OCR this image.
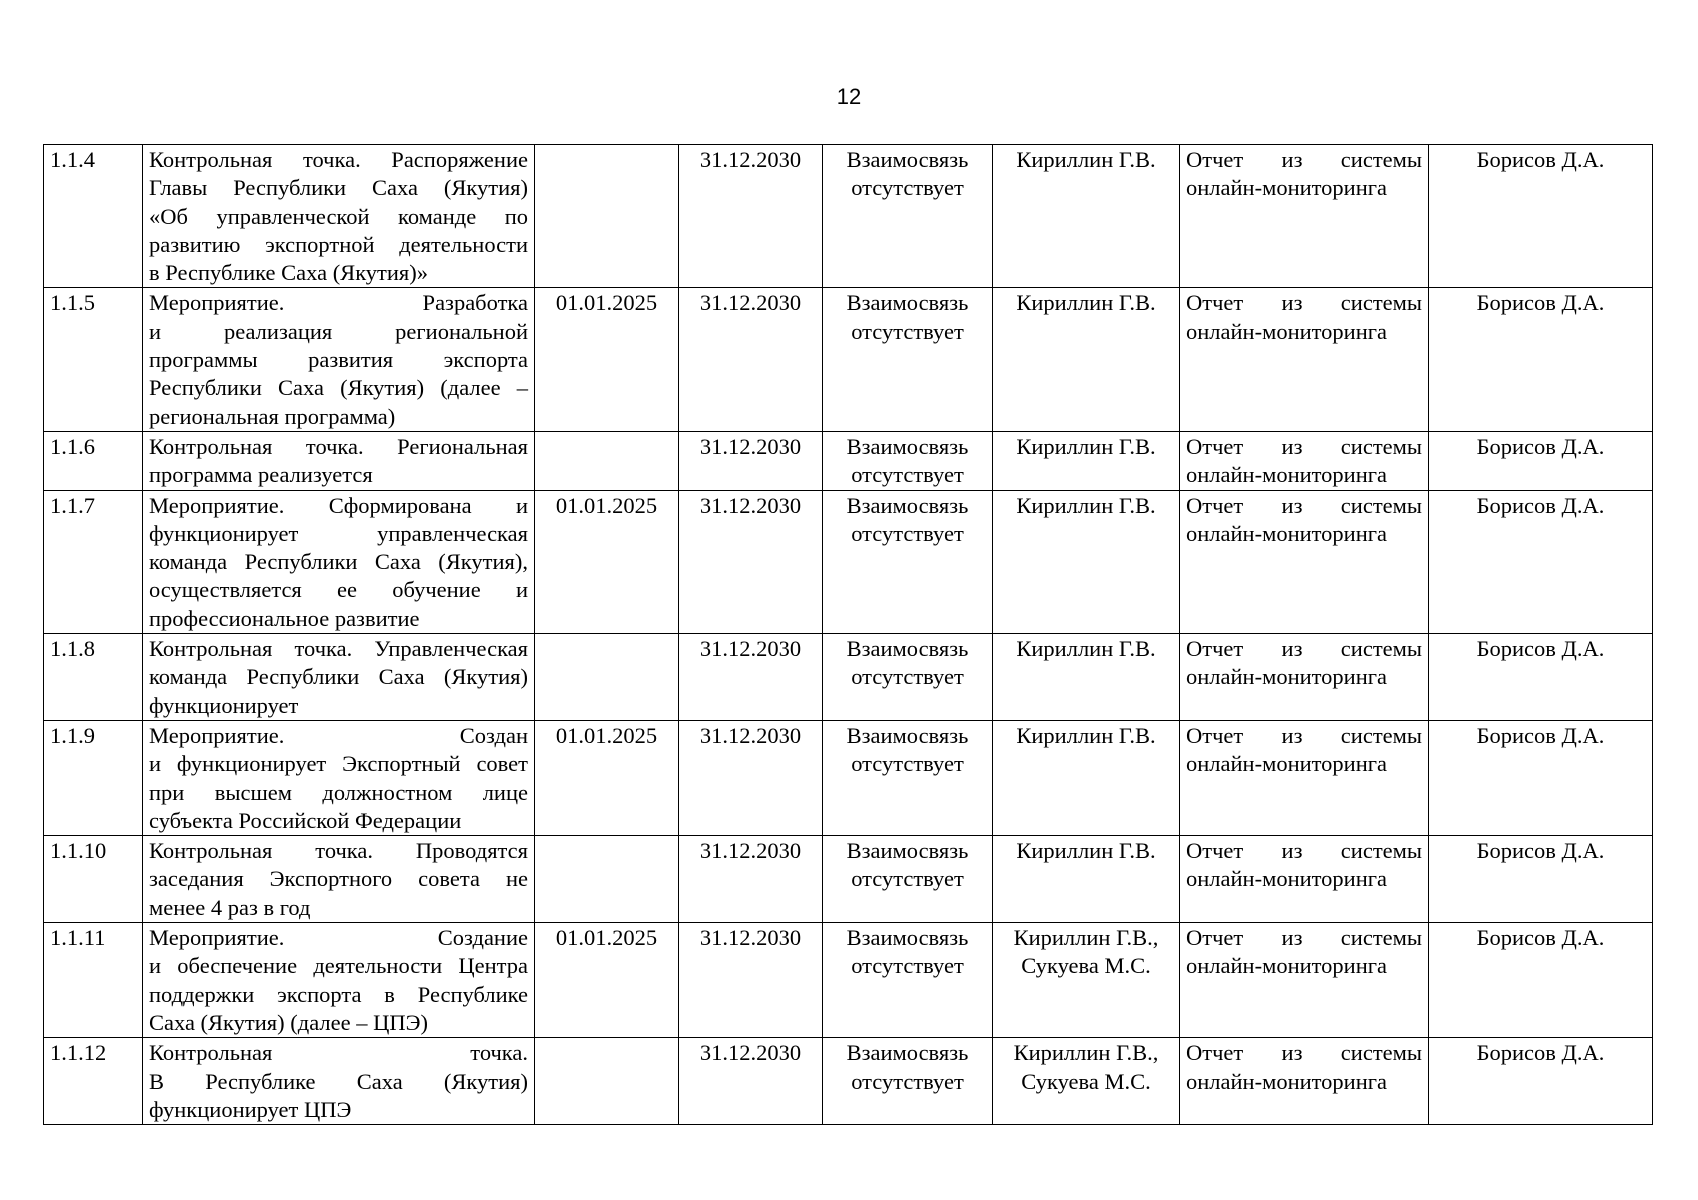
12
1.1.4	Контрольная точка. Распоряжение
Главы Республики Саха (Якутия)
«Об управленческой команде по
развитию экспортной деятельности
в Республике Саха (Якутия)»		31.12.2030	Взаимосвязь
отсутствует	Кириллин Г.В.	Отчет из системы
онлайн-мониторинга	Борисов Д.А.
1.1.5	Мероприятие. Разработка
и реализация региональной
программы развития экспорта
Республики Саха (Якутия) (далее –
региональная программа)	01.01.2025	31.12.2030	Взаимосвязь
отсутствует	Кириллин Г.В.	Отчет из системы
онлайн-мониторинга	Борисов Д.А.
1.1.6	Контрольная точка. Региональная
программа реализуется		31.12.2030	Взаимосвязь
отсутствует	Кириллин Г.В.	Отчет из системы
онлайн-мониторинга	Борисов Д.А.
1.1.7	Мероприятие. Сформирована и
функционирует управленческая
команда Республики Саха (Якутия),
осуществляется ее обучение и
профессиональное развитие	01.01.2025	31.12.2030	Взаимосвязь
отсутствует	Кириллин Г.В.	Отчет из системы
онлайн-мониторинга	Борисов Д.А.
1.1.8	Контрольная точка. Управленческая
команда Республики Саха (Якутия)
функционирует		31.12.2030	Взаимосвязь
отсутствует	Кириллин Г.В.	Отчет из системы
онлайн-мониторинга	Борисов Д.А.
1.1.9	Мероприятие. Создан
и функционирует Экспортный совет
при высшем должностном лице
субъекта Российской Федерации	01.01.2025	31.12.2030	Взаимосвязь
отсутствует	Кириллин Г.В.	Отчет из системы
онлайн-мониторинга	Борисов Д.А.
1.1.10	Контрольная точка. Проводятся
заседания Экспортного совета не
менее 4 раз в год		31.12.2030	Взаимосвязь
отсутствует	Кириллин Г.В.	Отчет из системы
онлайн-мониторинга	Борисов Д.А.
1.1.11	Мероприятие. Создание
и обеспечение деятельности Центра
поддержки экспорта в Республике
Саха (Якутия) (далее – ЦПЭ)	01.01.2025	31.12.2030	Взаимосвязь
отсутствует	Кириллин Г.В.,
Сукуева М.С.	Отчет из системы
онлайн-мониторинга	Борисов Д.А.
1.1.12	Контрольная точка.
В Республике Саха (Якутия)
функционирует ЦПЭ		31.12.2030	Взаимосвязь
отсутствует	Кириллин Г.В.,
Сукуева М.С.	Отчет из системы
онлайн-мониторинга	Борисов Д.А.
